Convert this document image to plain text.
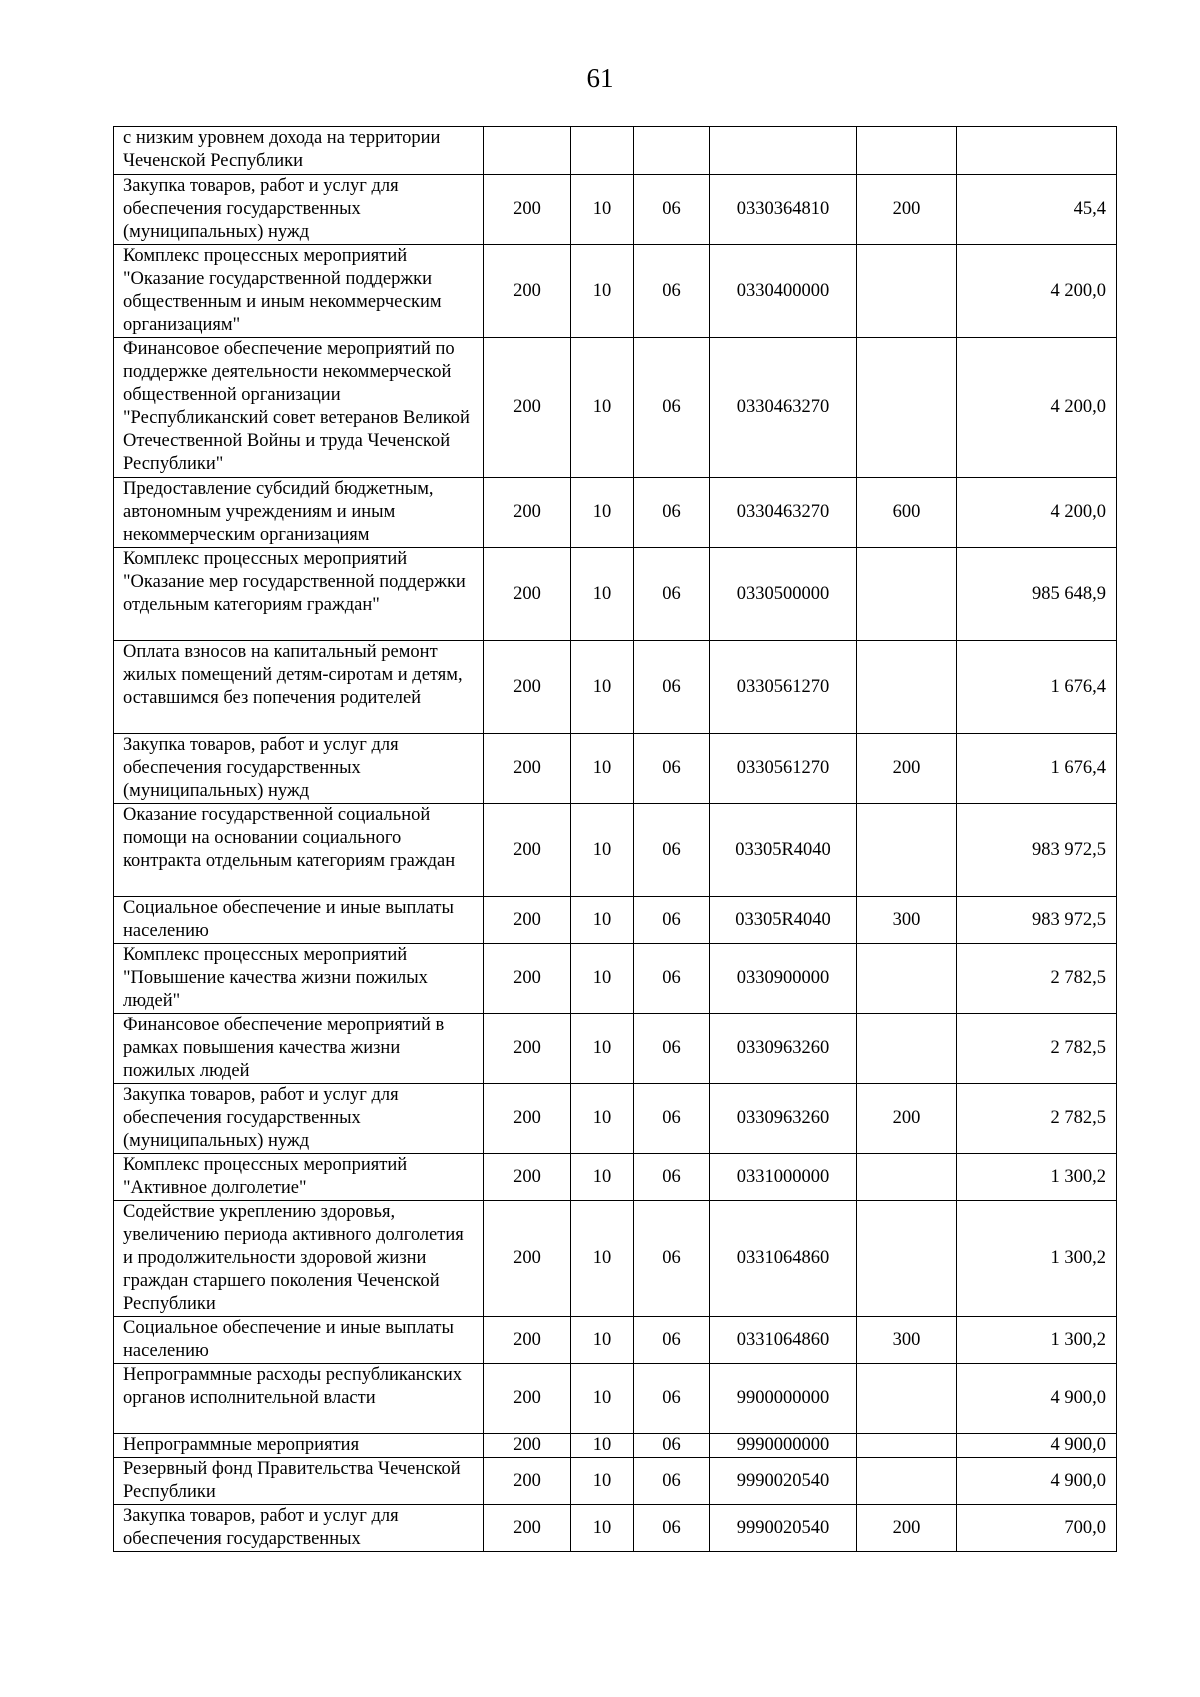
61
с низким уровнем дохода на территории Чеченской Республики						
Закупка товаров, работ и услуг для обеспечения государственных (муниципальных) нужд	200	10	06	0330364810	200	45,4
Комплекс процессных мероприятий "Оказание государственной поддержки общественным и иным некоммерческим организациям"	200	10	06	0330400000		4 200,0
Финансовое обеспечение мероприятий по поддержке деятельности некоммерческой общественной организации "Республиканский совет ветеранов Великой Отечественной Войны и труда Чеченской Республики"	200	10	06	0330463270		4 200,0
Предоставление субсидий бюджетным, автономным учреждениям и иным некоммерческим организациям	200	10	06	0330463270	600	4 200,0
Комплекс процессных мероприятий "Оказание мер государственной поддержки отдельным категориям граждан"	200	10	06	0330500000		985 648,9
Оплата взносов на капитальный ремонт жилых помещений детям-сиротам и детям, оставшимся без попечения родителей	200	10	06	0330561270		1 676,4
Закупка товаров, работ и услуг для обеспечения государственных (муниципальных) нужд	200	10	06	0330561270	200	1 676,4
Оказание государственной социальной помощи на основании социального контракта отдельным категориям граждан	200	10	06	03305R4040		983 972,5
Социальное обеспечение и иные выплаты населению	200	10	06	03305R4040	300	983 972,5
Комплекс процессных мероприятий "Повышение качества жизни пожилых людей"	200	10	06	0330900000		2 782,5
Финансовое обеспечение мероприятий в рамках повышения качества жизни пожилых людей	200	10	06	0330963260		2 782,5
Закупка товаров, работ и услуг для обеспечения государственных (муниципальных) нужд	200	10	06	0330963260	200	2 782,5
Комплекс процессных мероприятий "Активное долголетие"	200	10	06	0331000000		1 300,2
Содействие укреплению здоровья, увеличению периода активного долголетия и продолжительности здоровой жизни граждан старшего поколения Чеченской Республики	200	10	06	0331064860		1 300,2
Социальное обеспечение и иные выплаты населению	200	10	06	0331064860	300	1 300,2
Непрограммные расходы республиканских органов исполнительной власти	200	10	06	9900000000		4 900,0
Непрограммные мероприятия	200	10	06	9990000000		4 900,0
Резервный фонд Правительства Чеченской Республики	200	10	06	9990020540		4 900,0
Закупка товаров, работ и услуг для обеспечения государственных	200	10	06	9990020540	200	700,0
